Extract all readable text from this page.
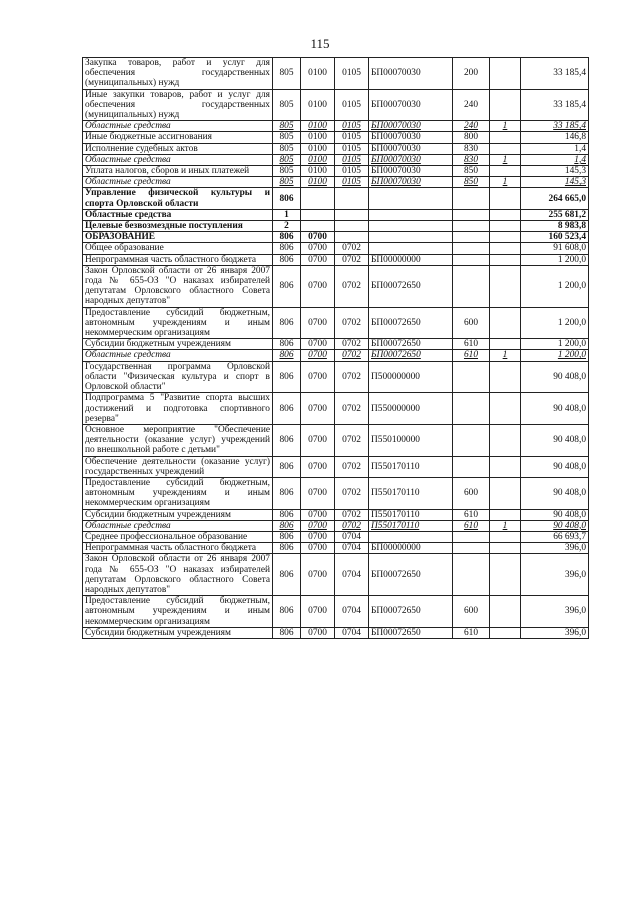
115
Закупка товаров, работ и услуг для обеспечения государственных (муниципальных) нужд	805	0100	0105	БП00070030	200		33 185,4
Иные закупки товаров, работ и услуг для обеспечения государственных (муниципальных) нужд	805	0100	0105	БП00070030	240		33 185,4
Областные средства	805	0100	0105	БП00070030	240	1	33 185,4
Иные бюджетные ассигнования	805	0100	0105	БП00070030	800		146,8
Исполнение судебных актов	805	0100	0105	БП00070030	830		1,4
Областные средства	805	0100	0105	БП00070030	830	1	1,4
Уплата налогов, сборов и иных платежей	805	0100	0105	БП00070030	850		145,3
Областные средства	805	0100	0105	БП00070030	850	1	145,3
Управление физической культуры и спорта Орловской области	806						264 665,0
Областные средства	1						255 681,2
Целевые безвозмездные поступления	2						8 983,8
ОБРАЗОВАНИЕ	806	0700					160 523,4
Общее образование	806	0700	0702				91 608,0
Непрограммная часть областного бюджета	806	0700	0702	БП00000000			1 200,0
Закон Орловской области от 26 января 2007 года № 655-ОЗ "О наказах избирателей депутатам Орловского областного Совета народных депутатов"	806	0700	0702	БП00072650			1 200,0
Предоставление субсидий бюджетным, автономным учреждениям и иным некоммерческим организациям	806	0700	0702	БП00072650	600		1 200,0
Субсидии бюджетным учреждениям	806	0700	0702	БП00072650	610		1 200,0
Областные средства	806	0700	0702	БП00072650	610	1	1 200,0
Государственная программа Орловской области "Физическая культура и спорт в Орловской области"	806	0700	0702	П500000000			90 408,0
Подпрограмма 5 "Развитие спорта высших достижений и подготовка спортивного резерва"	806	0700	0702	П550000000			90 408,0
Основное мероприятие "Обеспечение деятельности (оказание услуг) учреждений по внешкольной работе с детьми"	806	0700	0702	П550100000			90 408,0
Обеспечение деятельности (оказание услуг) государственных учреждений	806	0700	0702	П550170110			90 408,0
Предоставление субсидий бюджетным, автономным учреждениям и иным некоммерческим организациям	806	0700	0702	П550170110	600		90 408,0
Субсидии бюджетным учреждениям	806	0700	0702	П550170110	610		90 408,0
Областные средства	806	0700	0702	П550170110	610	1	90 408,0
Среднее профессиональное образование	806	0700	0704				66 693,7
Непрограммная часть областного бюджета	806	0700	0704	БП00000000			396,0
Закон Орловской области от 26 января 2007 года № 655-ОЗ "О наказах избирателей депутатам Орловского областного Совета народных депутатов"	806	0700	0704	БП00072650			396,0
Предоставление субсидий бюджетным, автономным учреждениям и иным некоммерческим организациям	806	0700	0704	БП00072650	600		396,0
Субсидии бюджетным учреждениям	806	0700	0704	БП00072650	610		396,0
